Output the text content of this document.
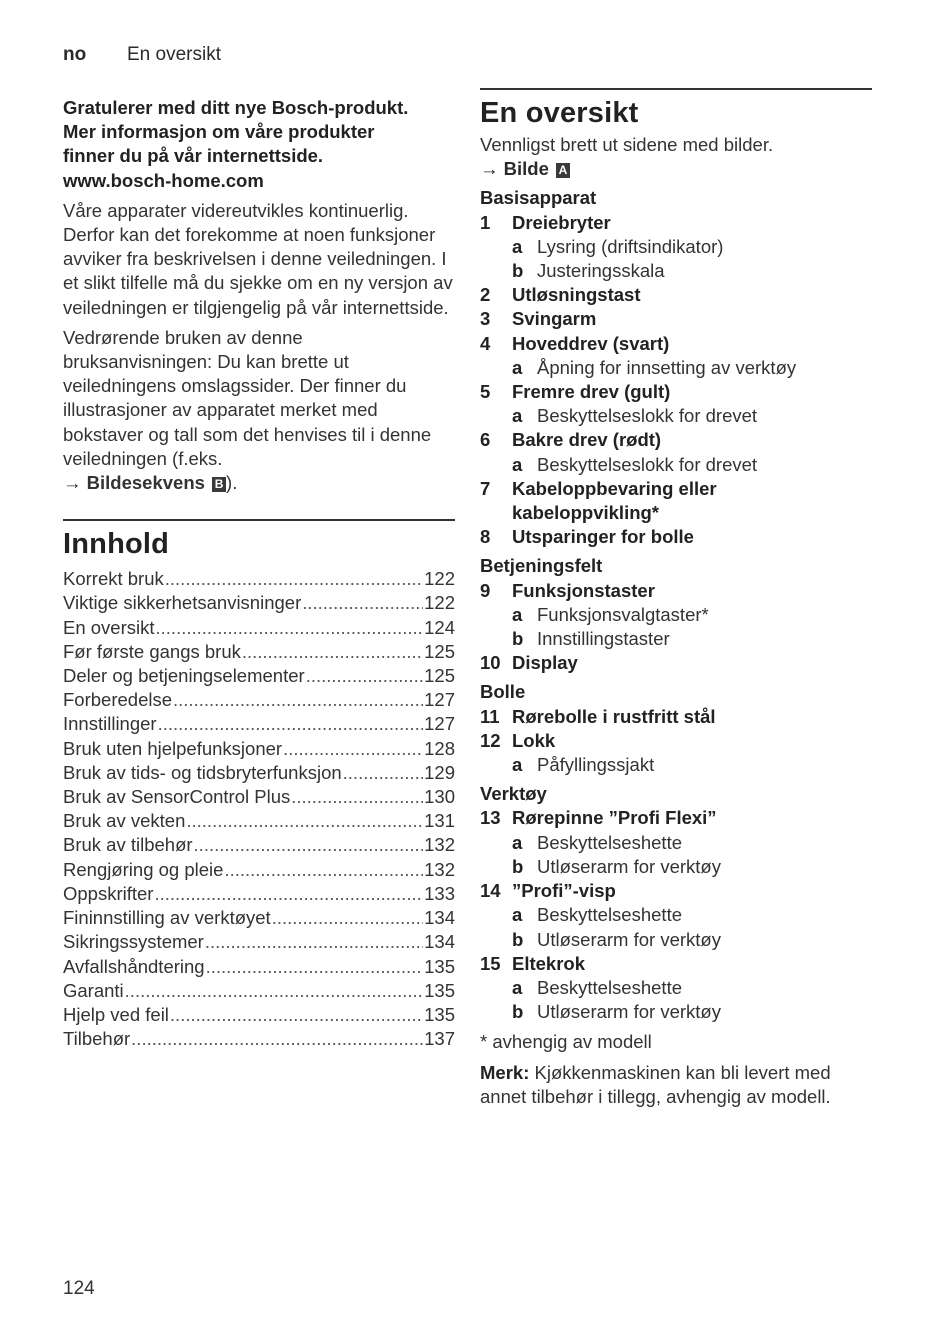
no En oversikt

Gratulerer med ditt nye Bosch-produkt.
Mer informasjon om våre produkter
finner du på vår internettside.
www.bosch-home.com

Våre apparater videreutvikles kontinuerlig. Derfor kan det forekomme at noen funksjoner avviker fra beskrivelsen i denne veiledningen. I et slikt tilfelle må du sjekke om en ny versjon av veiledningen er tilgjengelig på vår internettside.

Vedrørende bruken av denne bruksanvisningen: Du kan brette ut veiledningens omslagssider. Der finner du illustrasjoner av apparatet merket med bokstaver og tall som det henvises til i denne veiledningen (f.eks.
→ Bildesekvens B ).

Innhold
Korrekt bruk .....	122
Viktige sikkerhetsanvisninger .....	122
En oversikt .....	124
Før første gangs bruk .....	125
Deler og betjeningselementer .....	125
Forberedelse .....	127
Innstillinger .....	127
Bruk uten hjelpefunksjoner .....	128
Bruk av tids- og tidsbryterfunksjon .....	129
Bruk av SensorControl Plus .....	130
Bruk av vekten .....	131
Bruk av tilbehør .....	132
Rengjøring og pleie .....	132
Oppskrifter .....	133
Fininnstilling av verktøyet .....	134
Sikringssystemer .....	134
Avfallshåndtering .....	135
Garanti .....	135
Hjelp ved feil .....	135
Tilbehør .....	137
En oversikt

Vennligst brett ut sidene med bilder.

→ Bilde A
Basisapparat
1	Dreiebryter
a Lysring (driftsindikator)
b Justeringsskala
2	Utløsningstast
3	Svingarm
4	Hoveddrev (svart)
a Åpning for innsetting av verktøy
5	Fremre drev (gult)
a Beskyttelseslokk for drevet
6	Bakre drev (rødt)
a Beskyttelseslokk for drevet
7	Kabeloppbevaring eller kabeloppvikling*
8	Utsparinger for bolle
Betjeningsfelt
9	Funksjonstaster
a Funksjonsvalgtaster*
b Innstillingstaster
10 Display
Bolle
11 Rørebolle i rustfritt stål
12 Lokk
a Påfyllingssjakt
Verktøy
13 Rørepinne ”Profi Flexi”
a Beskyttelseshette
b Utløserarm for verktøy
14 ”Profi”-visp
a Beskyttelseshette
b Utløserarm for verktøy
15 Eltekrok
a Beskyttelseshette
b Utløserarm for verktøy
* avhengig av modell
Merk: Kjøkkenmaskinen kan bli levert med annet tilbehør i tillegg, avhengig av modell.
124
